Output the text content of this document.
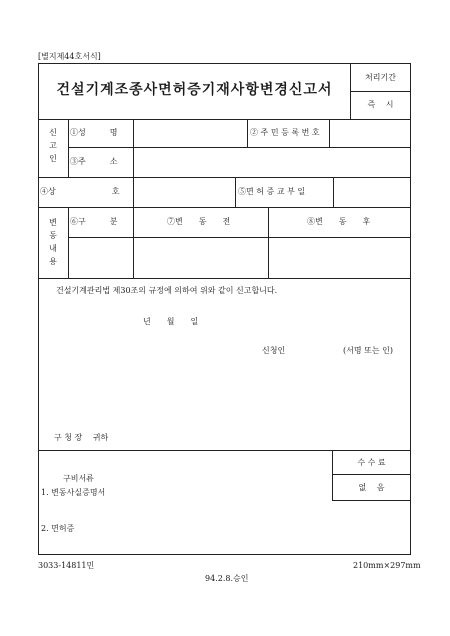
[별지제44호서식]
건설기계조종사면허증기재사항변경신고서
처리기간
즉　 시
신고인
①성　　　명	② 주 민 등 록 번 호
③주　　　소
④상　　　　　　　호	⑤면 허 증 교 부 일
변동내용
⑥구　　　분	⑦변　　동　　전	⑧변　　동　　후
건설기계관리법 제30조의 규정에 의하여 위와 같이 신고합니다.
년　　월　　일
신청인	(서명 또는 인)
구 청 장　 귀하
구비서류
1. 변동사실증명서
2. 면허증
수 수 료
없　 음
3033-14811민	210mm×297mm
94.2.8.승인
